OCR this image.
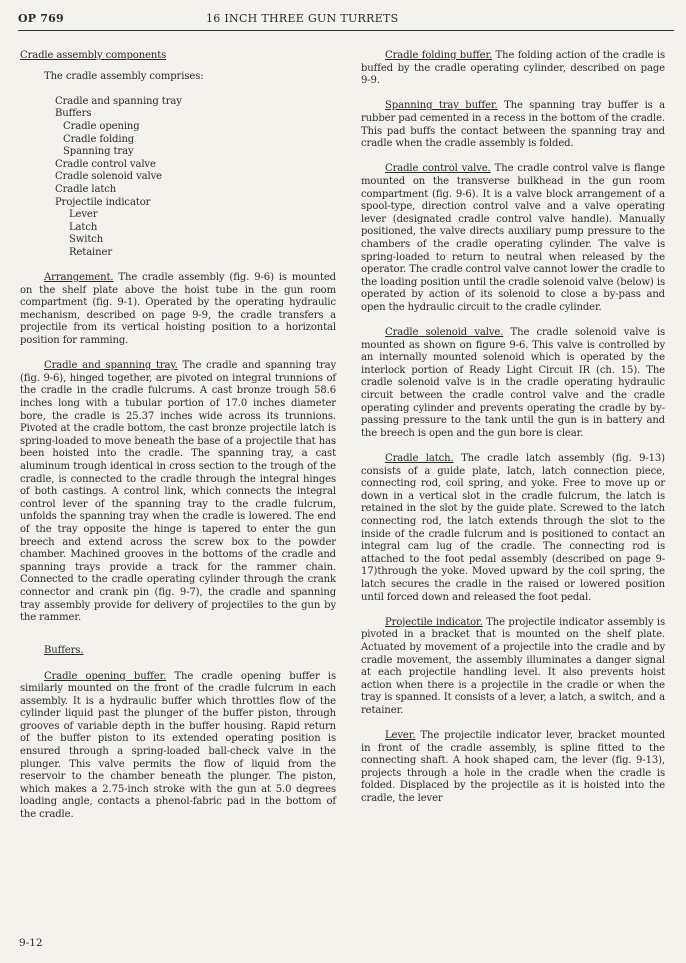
OP 769	16 INCH THREE GUN TURRETS

Cradle assembly components

The cradle assembly comprises:

Cradle and spanning tray
Buffers
Cradle opening
Cradle folding
Spanning tray
Cradle control valve
Cradle solenoid valve
Cradle latch
Projectile indicator
Lever
Latch
Switch
Retainer

Arrangement. The cradle assembly (fig. 9-6) is mounted on the shelf plate above the hoist tube in the gun room compartment (fig. 9-1). Operated by the operating hydraulic mechanism, described on page 9-9, the cradle transfers a projectile from its vertical hoisting position to a horizontal position for ramming.

Cradle and spanning tray. The cradle and spanning tray (fig. 9-6), hinged together, are pivoted on integral trunnions of the cradle in the cradle fulcrums. A cast bronze trough 58.6 inches long with a tubular portion of 17.0 inches diameter bore, the cradle is 25.37 inches wide across its trunnions. Pivoted at the cradle bottom, the cast bronze projectile latch is spring-loaded to move beneath the base of a projectile that has been hoisted into the cradle. The spanning tray, a cast aluminum trough identical in cross section to the trough of the cradle, is connected to the cradle through the integral hinges of both castings. A control link, which connects the integral control lever of the spanning tray to the cradle fulcrum, unfolds the spanning tray when the cradle is lowered. The end of the tray opposite the hinge is tapered to enter the gun breech and extend across the screw box to the powder chamber. Machined grooves in the bottoms of the cradle and spanning trays provide a track for the rammer chain. Connected to the cradle operating cylinder through the crank connector and crank pin (fig. 9-7), the cradle and spanning tray assembly provide for delivery of projectiles to the gun by the rammer.

Buffers.

Cradle opening buffer. The cradle opening buffer is similarly mounted on the front of the cradle fulcrum in each assembly. It is a hydraulic buffer which throttles flow of the cylinder liquid past the plunger of the buffer piston, through grooves of variable depth in the buffer housing. Rapid return of the buffer piston to its extended operating position is ensured through a spring-loaded ball-check valve in the plunger. This valve permits the flow of liquid from the reservoir to the chamber beneath the plunger. The piston, which makes a 2.75-inch stroke with the gun at 5.0 degrees loading angle, contacts a phenol-fabric pad in the bottom of the cradle.

Cradle folding buffer. The folding action of the cradle is buffed by the cradle operating cylinder, described on page 9-9.

Spanning tray buffer. The spanning tray buffer is a rubber pad cemented in a recess in the bottom of the cradle. This pad buffs the contact between the spanning tray and cradle when the cradle assembly is folded.

Cradle control valve. The cradle control valve is flange mounted on the transverse bulkhead in the gun room compartment (fig. 9-6). It is a valve block arrangement of a spool-type, direction control valve and a valve operating lever (designated cradle control valve handle). Manually positioned, the valve directs auxiliary pump pressure to the chambers of the cradle operating cylinder. The valve is spring-loaded to return to neutral when released by the operator. The cradle control valve cannot lower the cradle to the loading position until the cradle solenoid valve (below) is operated by action of its solenoid to close a by-pass and open the hydraulic circuit to the cradle cylinder.

Cradle solenoid valve. The cradle solenoid valve is mounted as shown on figure 9-6. This valve is controlled by an internally mounted solenoid which is operated by the interlock portion of Ready Light Circuit IR (ch. 15). The cradle solenoid valve is in the cradle operating hydraulic circuit between the cradle control valve and the cradle operating cylinder and prevents operating the cradle by by-passing pressure to the tank until the gun is in battery and the breech is open and the gun bore is clear.

Cradle latch. The cradle latch assembly (fig. 9-13) consists of a guide plate, latch, latch connection piece, connecting rod, coil spring, and yoke. Free to move up or down in a vertical slot in the cradle fulcrum, the latch is retained in the slot by the guide plate. Screwed to the latch connecting rod, the latch extends through the slot to the inside of the cradle fulcrum and is positioned to contact an integral cam lug of the cradle. The connecting rod is attached to the foot pedal assembly (described on page 9-17)through the yoke. Moved upward by the coil spring, the latch secures the cradle in the raised or lowered position until forced down and released the foot pedal.

Projectile indicator. The projectile indicator assembly is pivoted in a bracket that is mounted on the shelf plate. Actuated by movement of a projectile into the cradle and by cradle movement, the assembly illuminates a danger signal at each projectile handling level. It also prevents hoist action when there is a projectile in the cradle or when the tray is spanned. It consists of a lever, a latch, a switch, and a retainer.

Lever. The projectile indicator lever, bracket mounted in front of the cradle assembly, is spline fitted to the connecting shaft. A hook shaped cam, the lever (fig. 9-13), projects through a hole in the cradle when the cradle is folded. Displaced by the projectile as it is hoisted into the cradle, the lever

9-12
